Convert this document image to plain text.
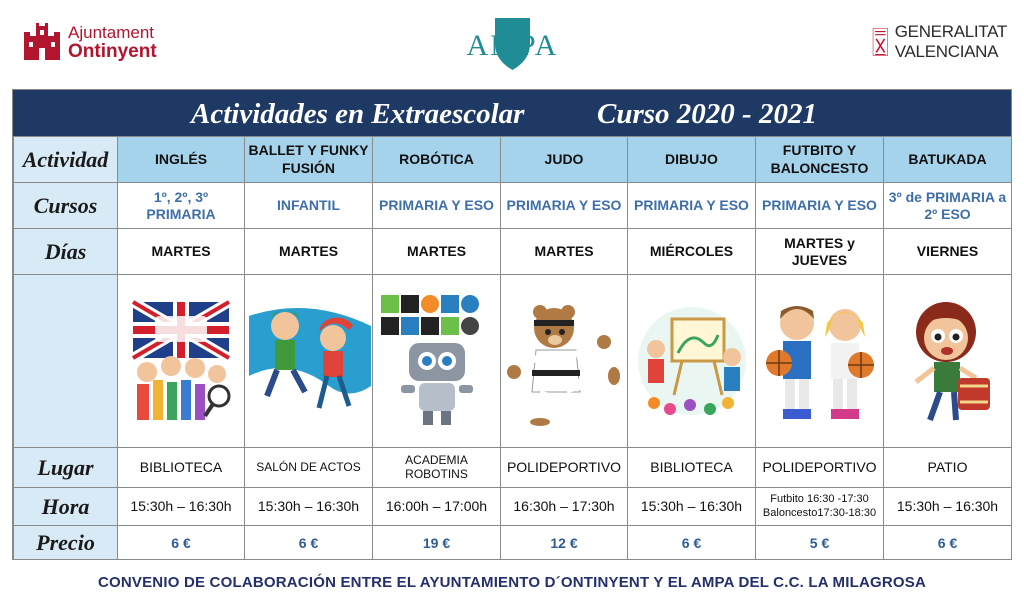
Ajuntament
Ontinyent	AMPA	GENERALITAT
VALENCIANA
Actividades en Extraescolar	Curso 2020 - 2021
Actividad	INGLÉS	BALLET Y FUNKY FUSIÓN	ROBÓTICA	JUDO	DIBUJO	FUTBITO Y BALONCESTO	BATUKADA
Cursos	1º, 2º, 3º PRIMARIA	INFANTIL	PRIMARIA Y ESO	PRIMARIA Y ESO	PRIMARIA Y ESO	PRIMARIA Y ESO	3º de PRIMARIA a 2º ESO
Días	MARTES	MARTES	MARTES	MARTES	MIÉRCOLES	MARTES y JUEVES	VIERNES

Lugar	BIBLIOTECA	SALÓN DE ACTOS	ACADEMIA ROBOTINS	POLIDEPORTIVO	BIBLIOTECA	POLIDEPORTIVO	PATIO
Hora	15:30h – 16:30h	15:30h – 16:30h	16:00h – 17:00h	16:30h – 17:30h	15:30h – 16:30h	Futbito 16:30 -17:30
Baloncesto17:30-18:30	15:30h – 16:30h
Precio	6 €	6 €	19 €	12 €	6 €	5 €	6 €
CONVENIO DE COLABORACIÓN ENTRE EL AYUNTAMIENTO D´ONTINYENT Y EL AMPA DEL C.C. LA MILAGROSA
